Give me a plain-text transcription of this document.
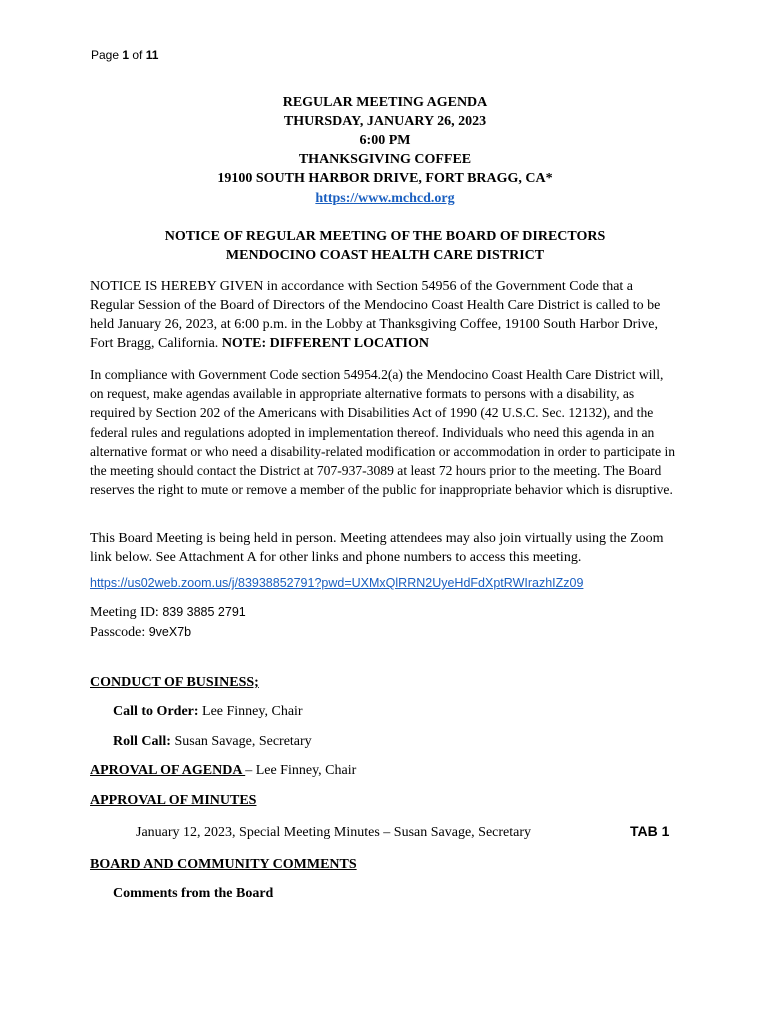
Page 1 of 11
REGULAR MEETING AGENDA
THURSDAY, JANUARY 26, 2023
6:00 PM
THANKSGIVING COFFEE
19100 SOUTH HARBOR DRIVE, FORT BRAGG, CA*
https://www.mchcd.org
NOTICE OF REGULAR MEETING OF THE BOARD OF DIRECTORS
MENDOCINO COAST HEALTH CARE DISTRICT
NOTICE IS HEREBY GIVEN in accordance with Section 54956 of the Government Code that a Regular Session of the Board of Directors of the Mendocino Coast Health Care District is called to be held January 26, 2023, at 6:00 p.m. in the Lobby at Thanksgiving Coffee, 19100 South Harbor Drive, Fort Bragg, California. NOTE: DIFFERENT LOCATION
In compliance with Government Code section 54954.2(a) the Mendocino Coast Health Care District will, on request, make agendas available in appropriate alternative formats to persons with a disability, as required by Section 202 of the Americans with Disabilities Act of 1990 (42 U.S.C. Sec. 12132), and the federal rules and regulations adopted in implementation thereof. Individuals who need this agenda in an alternative format or who need a disability-related modification or accommodation in order to participate in the meeting should contact the District at 707-937-3089 at least 72 hours prior to the meeting. The Board reserves the right to mute or remove a member of the public for inappropriate behavior which is disruptive.
This Board Meeting is being held in person. Meeting attendees may also join virtually using the Zoom link below. See Attachment A for other links and phone numbers to access this meeting.
https://us02web.zoom.us/j/83938852791?pwd=UXMxQlRRN2UyeHdFdXptRWIrazhIZz09
Meeting ID: 839 3885 2791
Passcode: 9veX7b
CONDUCT OF BUSINESS;
Call to Order: Lee Finney, Chair
Roll Call: Susan Savage, Secretary
APROVAL OF AGENDA – Lee Finney, Chair
APPROVAL OF MINUTES
January 12, 2023, Special Meeting Minutes – Susan Savage, Secretary	TAB 1
BOARD AND COMMUNITY COMMENTS
Comments from the Board
